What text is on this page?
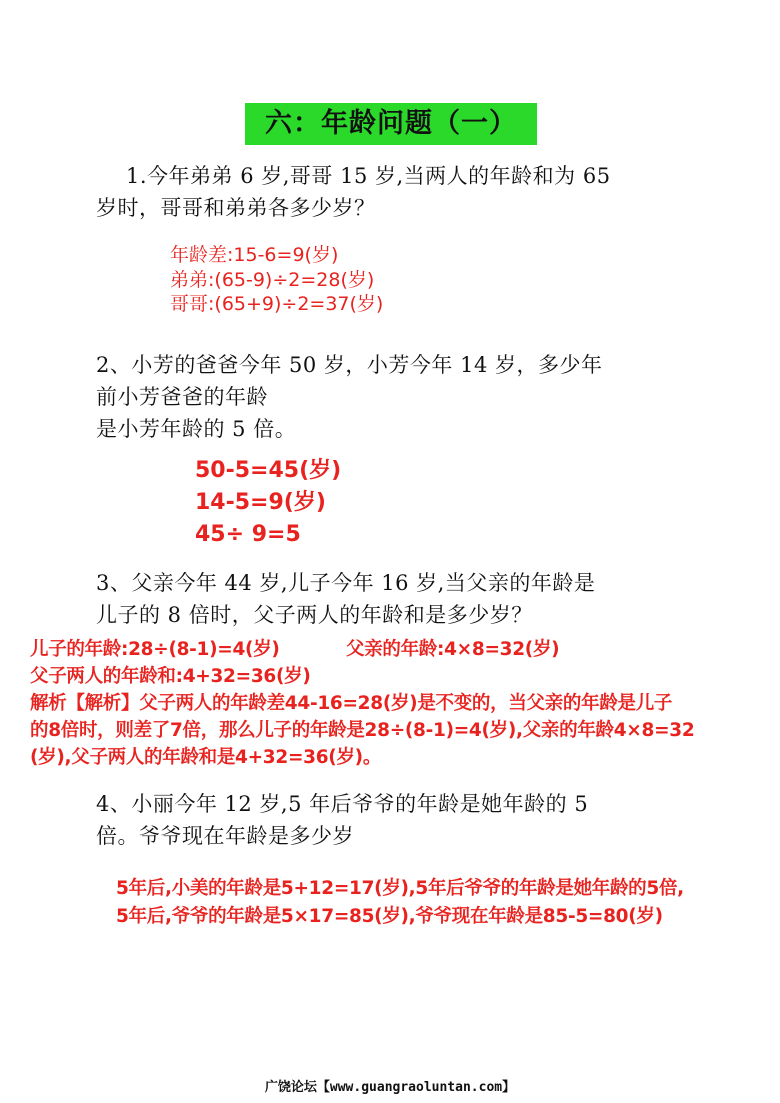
六：年龄问题（一）
1.今年弟弟 6 岁,哥哥 15 岁,当两人的年龄和为 65
岁时，哥哥和弟弟各多少岁？
年龄差:15-6=9(岁)
弟弟:(65-9)÷2=28(岁)
哥哥:(65+9)÷2=37(岁)
2、小芳的爸爸今年 50 岁，小芳今年 14 岁，多少年
前小芳爸爸的年龄
是小芳年龄的 5 倍。
50-5=45(岁)
14-5=9(岁)
45÷ 9=5
3、父亲今年 44 岁,儿子今年 16 岁,当父亲的年龄是
儿子的 8 倍时，父子两人的年龄和是多少岁？
儿子的年龄:28÷(8-1)=4(岁)	父亲的年龄:4×8=32(岁)
父子两人的年龄和:4+32=36(岁)
解析【解析】父子两人的年龄差44-16=28(岁)是不变的，当父亲的年龄是儿子
的8倍时，则差了7倍，那么儿子的年龄是28÷(8-1)=4(岁),父亲的年龄4×8=32
(岁),父子两人的年龄和是4+32=36(岁)。
4、小丽今年 12 岁,5 年后爷爷的年龄是她年龄的 5
倍。爷爷现在年龄是多少岁
5年后,小美的年龄是5+12=17(岁),5年后爷爷的年龄是她年龄的5倍,
5年后,爷爷的年龄是5×17=85(岁),爷爷现在年龄是85-5=80(岁)
广饶论坛【www.guangraoluntan.com】
